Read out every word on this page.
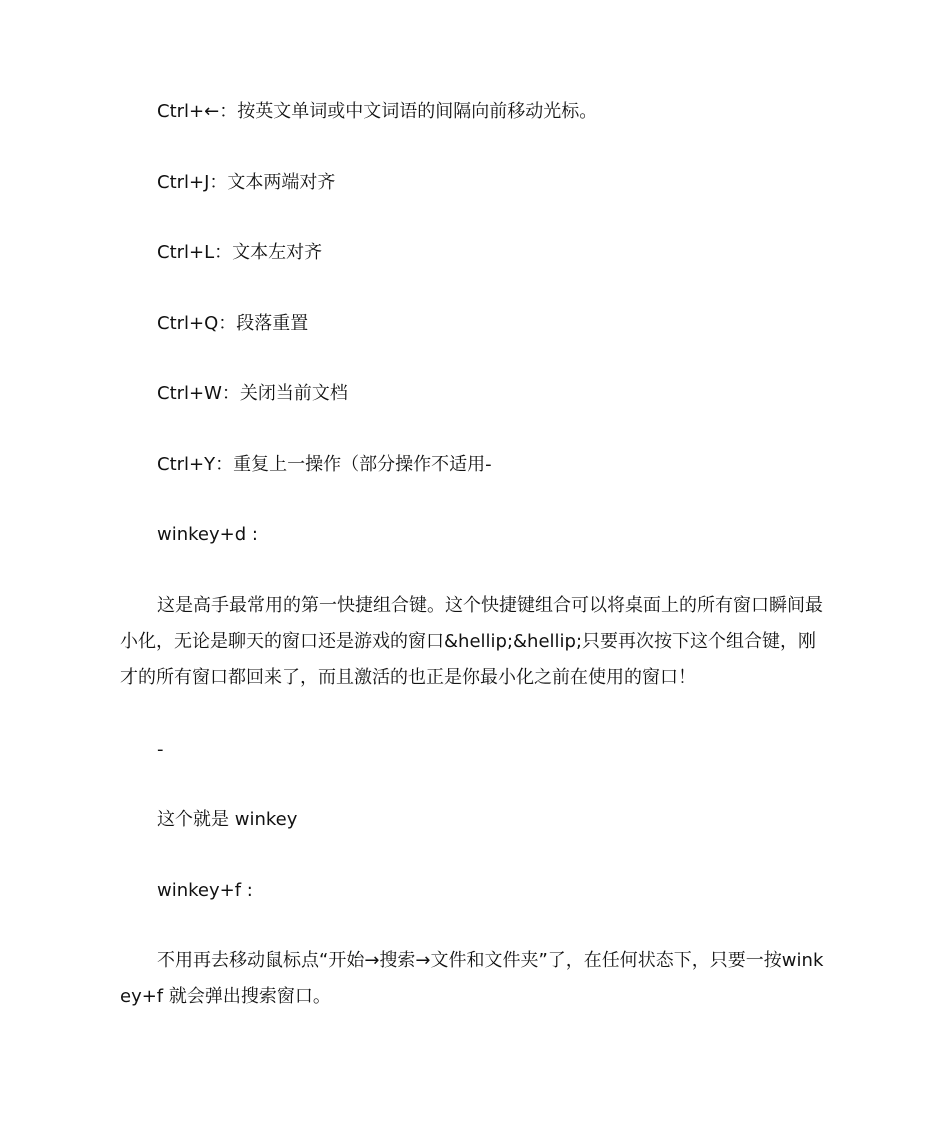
Ctrl+←：按英文单词或中文词语的间隔向前移动光标。
Ctrl+J：文本两端对齐
Ctrl+L：文本左对齐
Ctrl+Q：段落重置
Ctrl+W：关闭当前文档
Ctrl+Y：重复上一操作（部分操作不适用-
winkey+d :
这是高手最常用的第一快捷组合键。这个快捷键组合可以将桌面上的所有窗口瞬间最小化，无论是聊天的窗口还是游戏的窗口&hellip;&hellip;只要再次按下这个组合键，刚才的所有窗口都回来了，而且激活的也正是你最小化之前在使用的窗口！
-
这个就是 winkey
winkey+f :
不用再去移动鼠标点“开始→搜索→文件和文件夹”了，在任何状态下，只要一按winkey+f 就会弹出搜索窗口。
